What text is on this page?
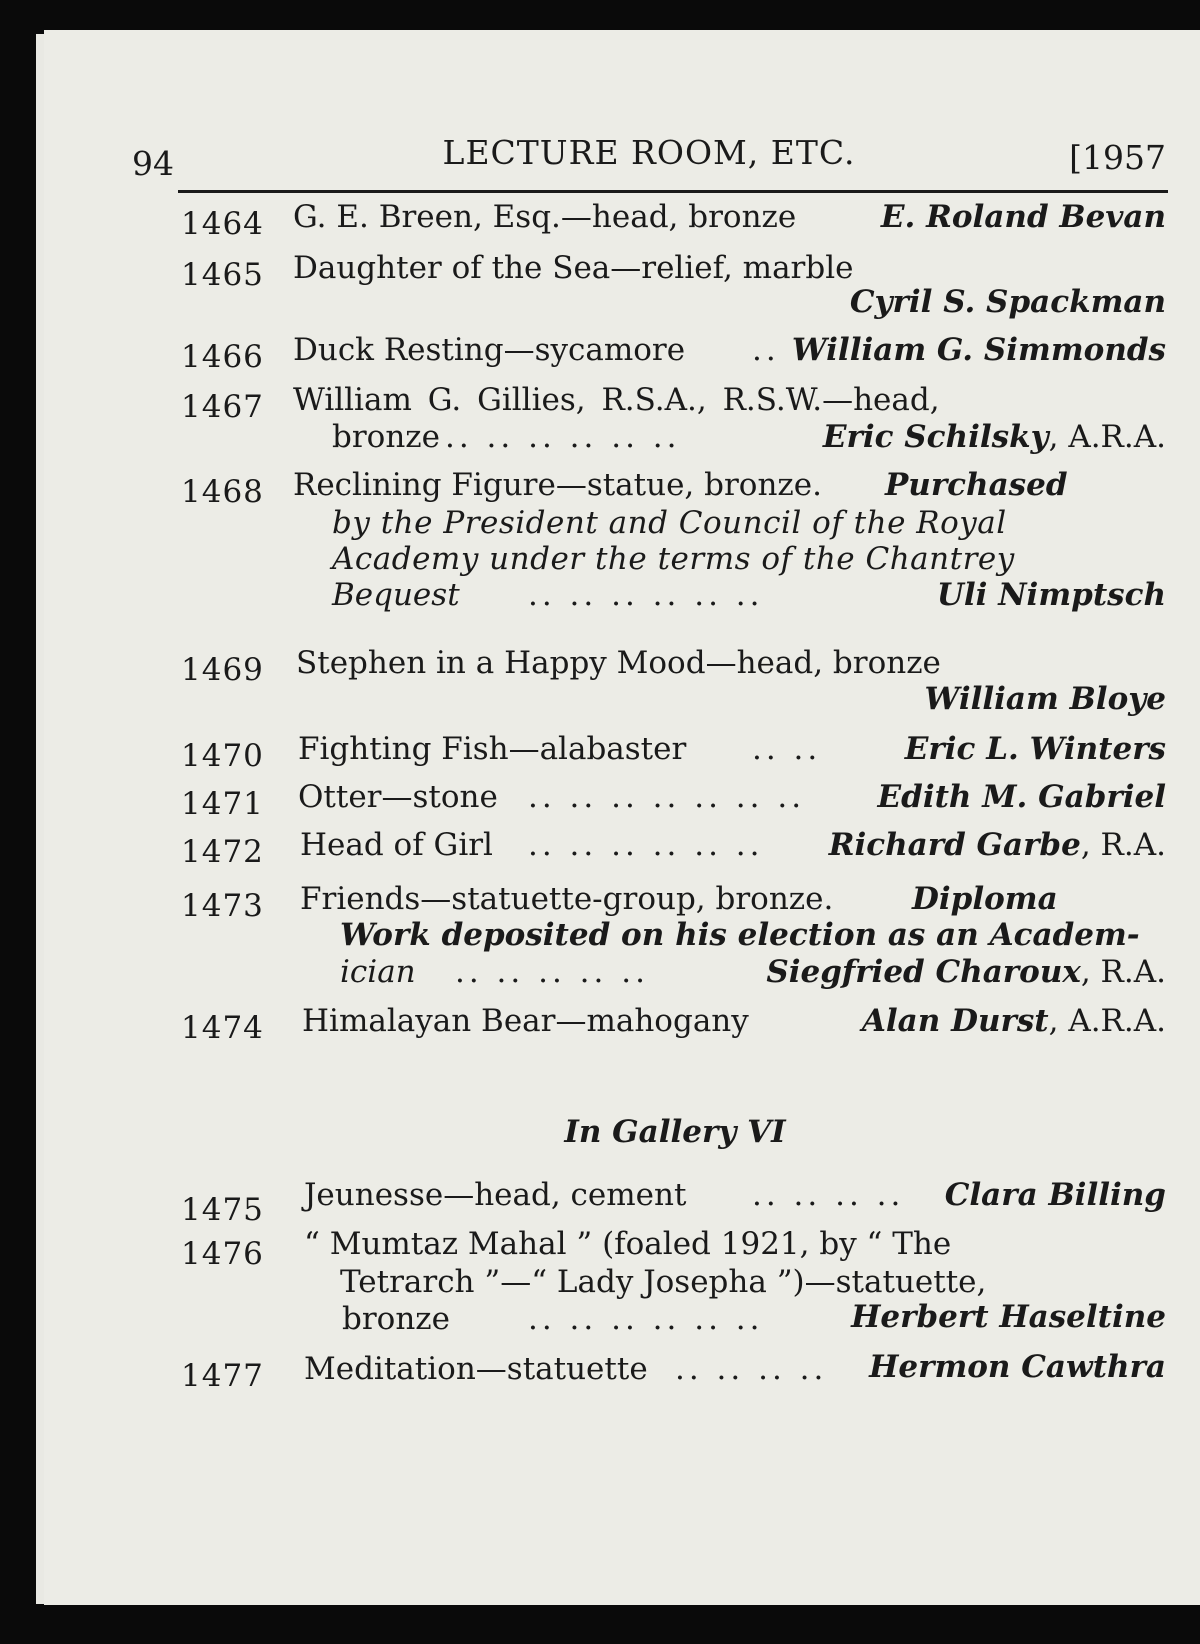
94	LECTURE ROOM, ETC.	[1957
1464 G. E. Breen, Esq.—head, bronze	E. Roland Bevan
1465 Daughter of the Sea—relief, marble
Cyril S. Spackman
1466 Duck Resting—sycamore .. William G. Simmonds
1467 William G. Gillies, R.S.A., R.S.W.—head,
bronze .. .. .. .. .. ..	Eric Schilsky, A.R.A.
1468 Reclining Figure—statue, bronze. Purchased
by the President and Council of the Royal
Academy under the terms of the Chantrey
Bequest .. .. .. .. .. ..	Uli Nimptsch
1469 Stephen in a Happy Mood—head, bronze
William Bloye
1470 Fighting Fish—alabaster .. ..	Eric L. Winters
1471 Otter—stone .. .. .. .. .. .. .. Edith M. Gabriel
1472 Head of Girl .. .. .. .. .. .. Richard Garbe, R.A.
1473 Friends—statuette-group, bronze.	Diploma
Work deposited on his election as an Academ-
ician .. .. .. .. ..	Siegfried Charoux, R.A.
1474 Himalayan Bear—mahogany	Alan Durst, A.R.A.
In Gallery VI
1475 Jeunesse—head, cement .. .. .. .. Clara Billing
1476 “ Mumtaz Mahal ” (foaled 1921, by “ The
Tetrarch ”—“ Lady Josepha ”)—statuette,
bronze	.. .. .. .. .. ..	Herbert Haseltine
1477 Meditation—statuette .. .. .. .. Hermon Cawthra
